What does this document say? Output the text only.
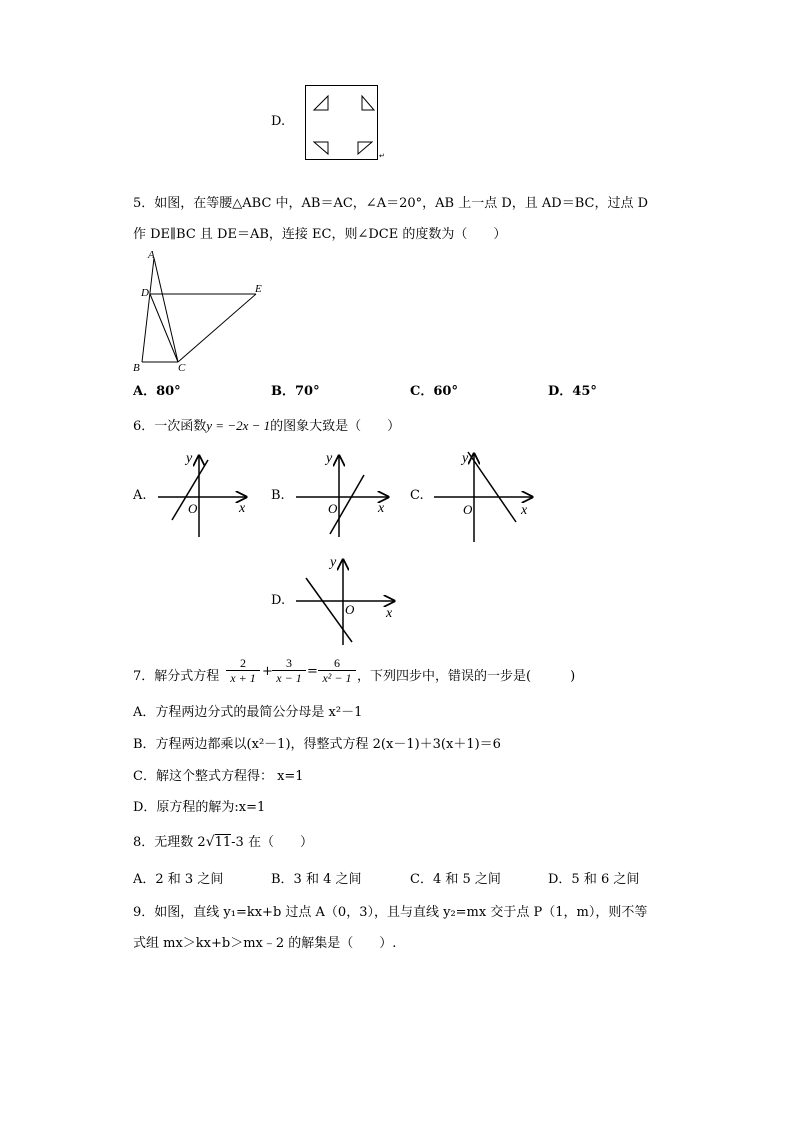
D.
↵
5．如图，在等腰△ABC 中，AB＝AC，∠A＝20°，AB 上一点 D，且 AD＝BC，过点 D
作 DE∥BC 且 DE＝AB，连接 EC，则∠DCE 的度数为（　　）
A
D	E
B	C
A．80°	B．70°	C．60°	D．45°
6．一次函数y = −2x − 1的图象大致是（　　）
A.
y
x
O
B.
y
x
O
C.
y
x
O
D.
y
x
O
7．解分式方程 $\frac{2}{x + 1} + \frac{3}{x - 1} = \frac{6}{\text{x² − 1}}$ ，下列四步中，错误的一步是(　　　)
A．方程两边分式的最简公分母是 x²－1
B．方程两边都乘以(x²－1)，得整式方程 2(x－1)＋3(x＋1)＝6
C．解这个整式方程得： x=1
D．原方程的解为:x=1
8．无理数 2√11-3 在（　　）
A．2 和 3 之间	B．3 和 4 之间	C．4 和 5 之间	D．5 和 6 之间
9．如图，直线 y₁=kx+b 过点 A（0，3），且与直线 y₂=mx 交于点 P（1，m），则不等
式组 mx＞kx+b＞mx﹣2 的解集是（　　）.
